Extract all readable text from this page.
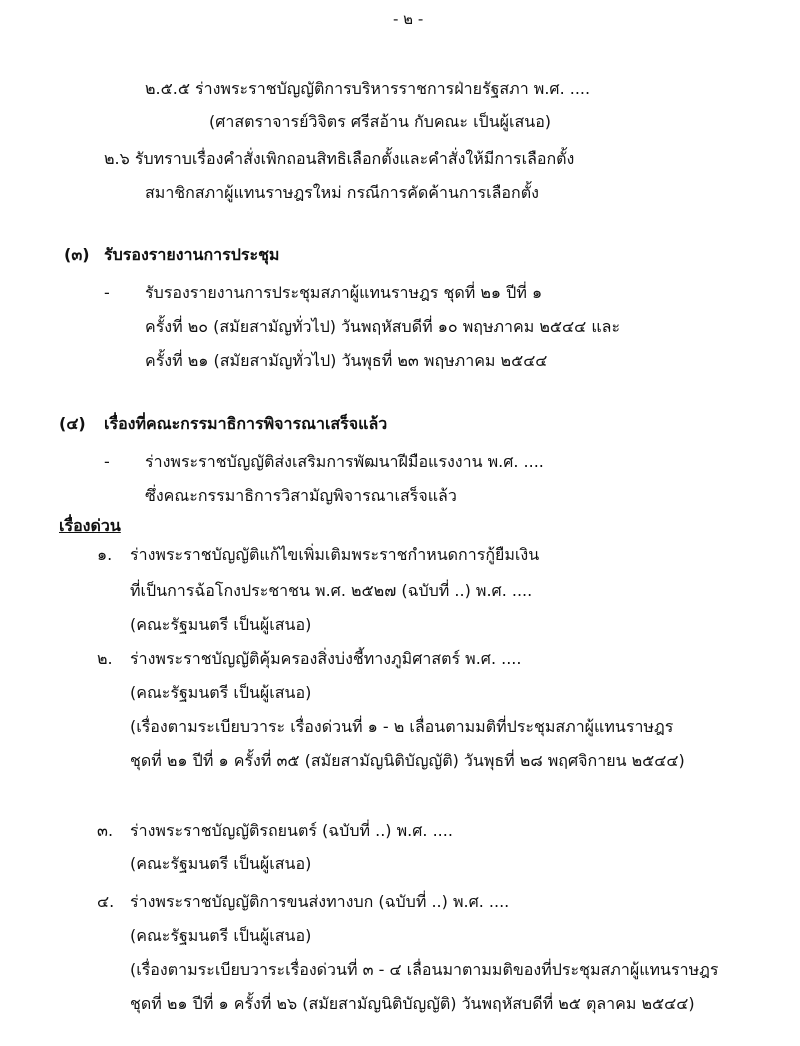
- ๒ -
๒.๕.๕ ร่างพระราชบัญญัติการบริหารราชการฝ่ายรัฐสภา พ.ศ. ....
(ศาสตราจารย์วิจิตร ศรีสอ้าน กับคณะ เป็นผู้เสนอ)
๒.๖ รับทราบเรื่องคำสั่งเพิกถอนสิทธิเลือกตั้งและคำสั่งให้มีการเลือกตั้ง
สมาชิกสภาผู้แทนราษฎรใหม่ กรณีการคัดค้านการเลือกตั้ง
(๓) รับรองรายงานการประชุม
- รับรองรายงานการประชุมสภาผู้แทนราษฎร ชุดที่ ๒๑ ปีที่ ๑
ครั้งที่ ๒๐ (สมัยสามัญทั่วไป) วันพฤหัสบดีที่ ๑๐ พฤษภาคม ๒๕๔๔ และ
ครั้งที่ ๒๑ (สมัยสามัญทั่วไป) วันพุธที่ ๒๓ พฤษภาคม ๒๕๔๔
(๔) เรื่องที่คณะกรรมาธิการพิจารณาเสร็จแล้ว
- ร่างพระราชบัญญัติส่งเสริมการพัฒนาฝีมือแรงงาน พ.ศ. ....
ซึ่งคณะกรรมาธิการวิสามัญพิจารณาเสร็จแล้ว
เรื่องด่วน
๑. ร่างพระราชบัญญัติแก้ไขเพิ่มเติมพระราชกำหนดการกู้ยืมเงิน
ที่เป็นการฉ้อโกงประชาชน พ.ศ. ๒๕๒๗ (ฉบับที่ ..) พ.ศ. ....
(คณะรัฐมนตรี เป็นผู้เสนอ)
๒. ร่างพระราชบัญญัติคุ้มครองสิ่งบ่งชี้ทางภูมิศาสตร์ พ.ศ. ....
(คณะรัฐมนตรี เป็นผู้เสนอ)
(เรื่องตามระเบียบวาระ เรื่องด่วนที่ ๑ - ๒ เลื่อนตามมติที่ประชุมสภาผู้แทนราษฎร
ชุดที่ ๒๑ ปีที่ ๑ ครั้งที่ ๓๕ (สมัยสามัญนิติบัญญัติ) วันพุธที่ ๒๘ พฤศจิกายน ๒๕๔๔)
๓. ร่างพระราชบัญญัติรถยนตร์ (ฉบับที่ ..) พ.ศ. ....
(คณะรัฐมนตรี เป็นผู้เสนอ)
๔. ร่างพระราชบัญญัติการขนส่งทางบก (ฉบับที่ ..) พ.ศ. ....
(คณะรัฐมนตรี เป็นผู้เสนอ)
(เรื่องตามระเบียบวาระเรื่องด่วนที่ ๓ - ๔ เลื่อนมาตามมติของที่ประชุมสภาผู้แทนราษฎร
ชุดที่ ๒๑ ปีที่ ๑ ครั้งที่ ๒๖ (สมัยสามัญนิติบัญญัติ) วันพฤหัสบดีที่ ๒๕ ตุลาคม ๒๕๔๔)
